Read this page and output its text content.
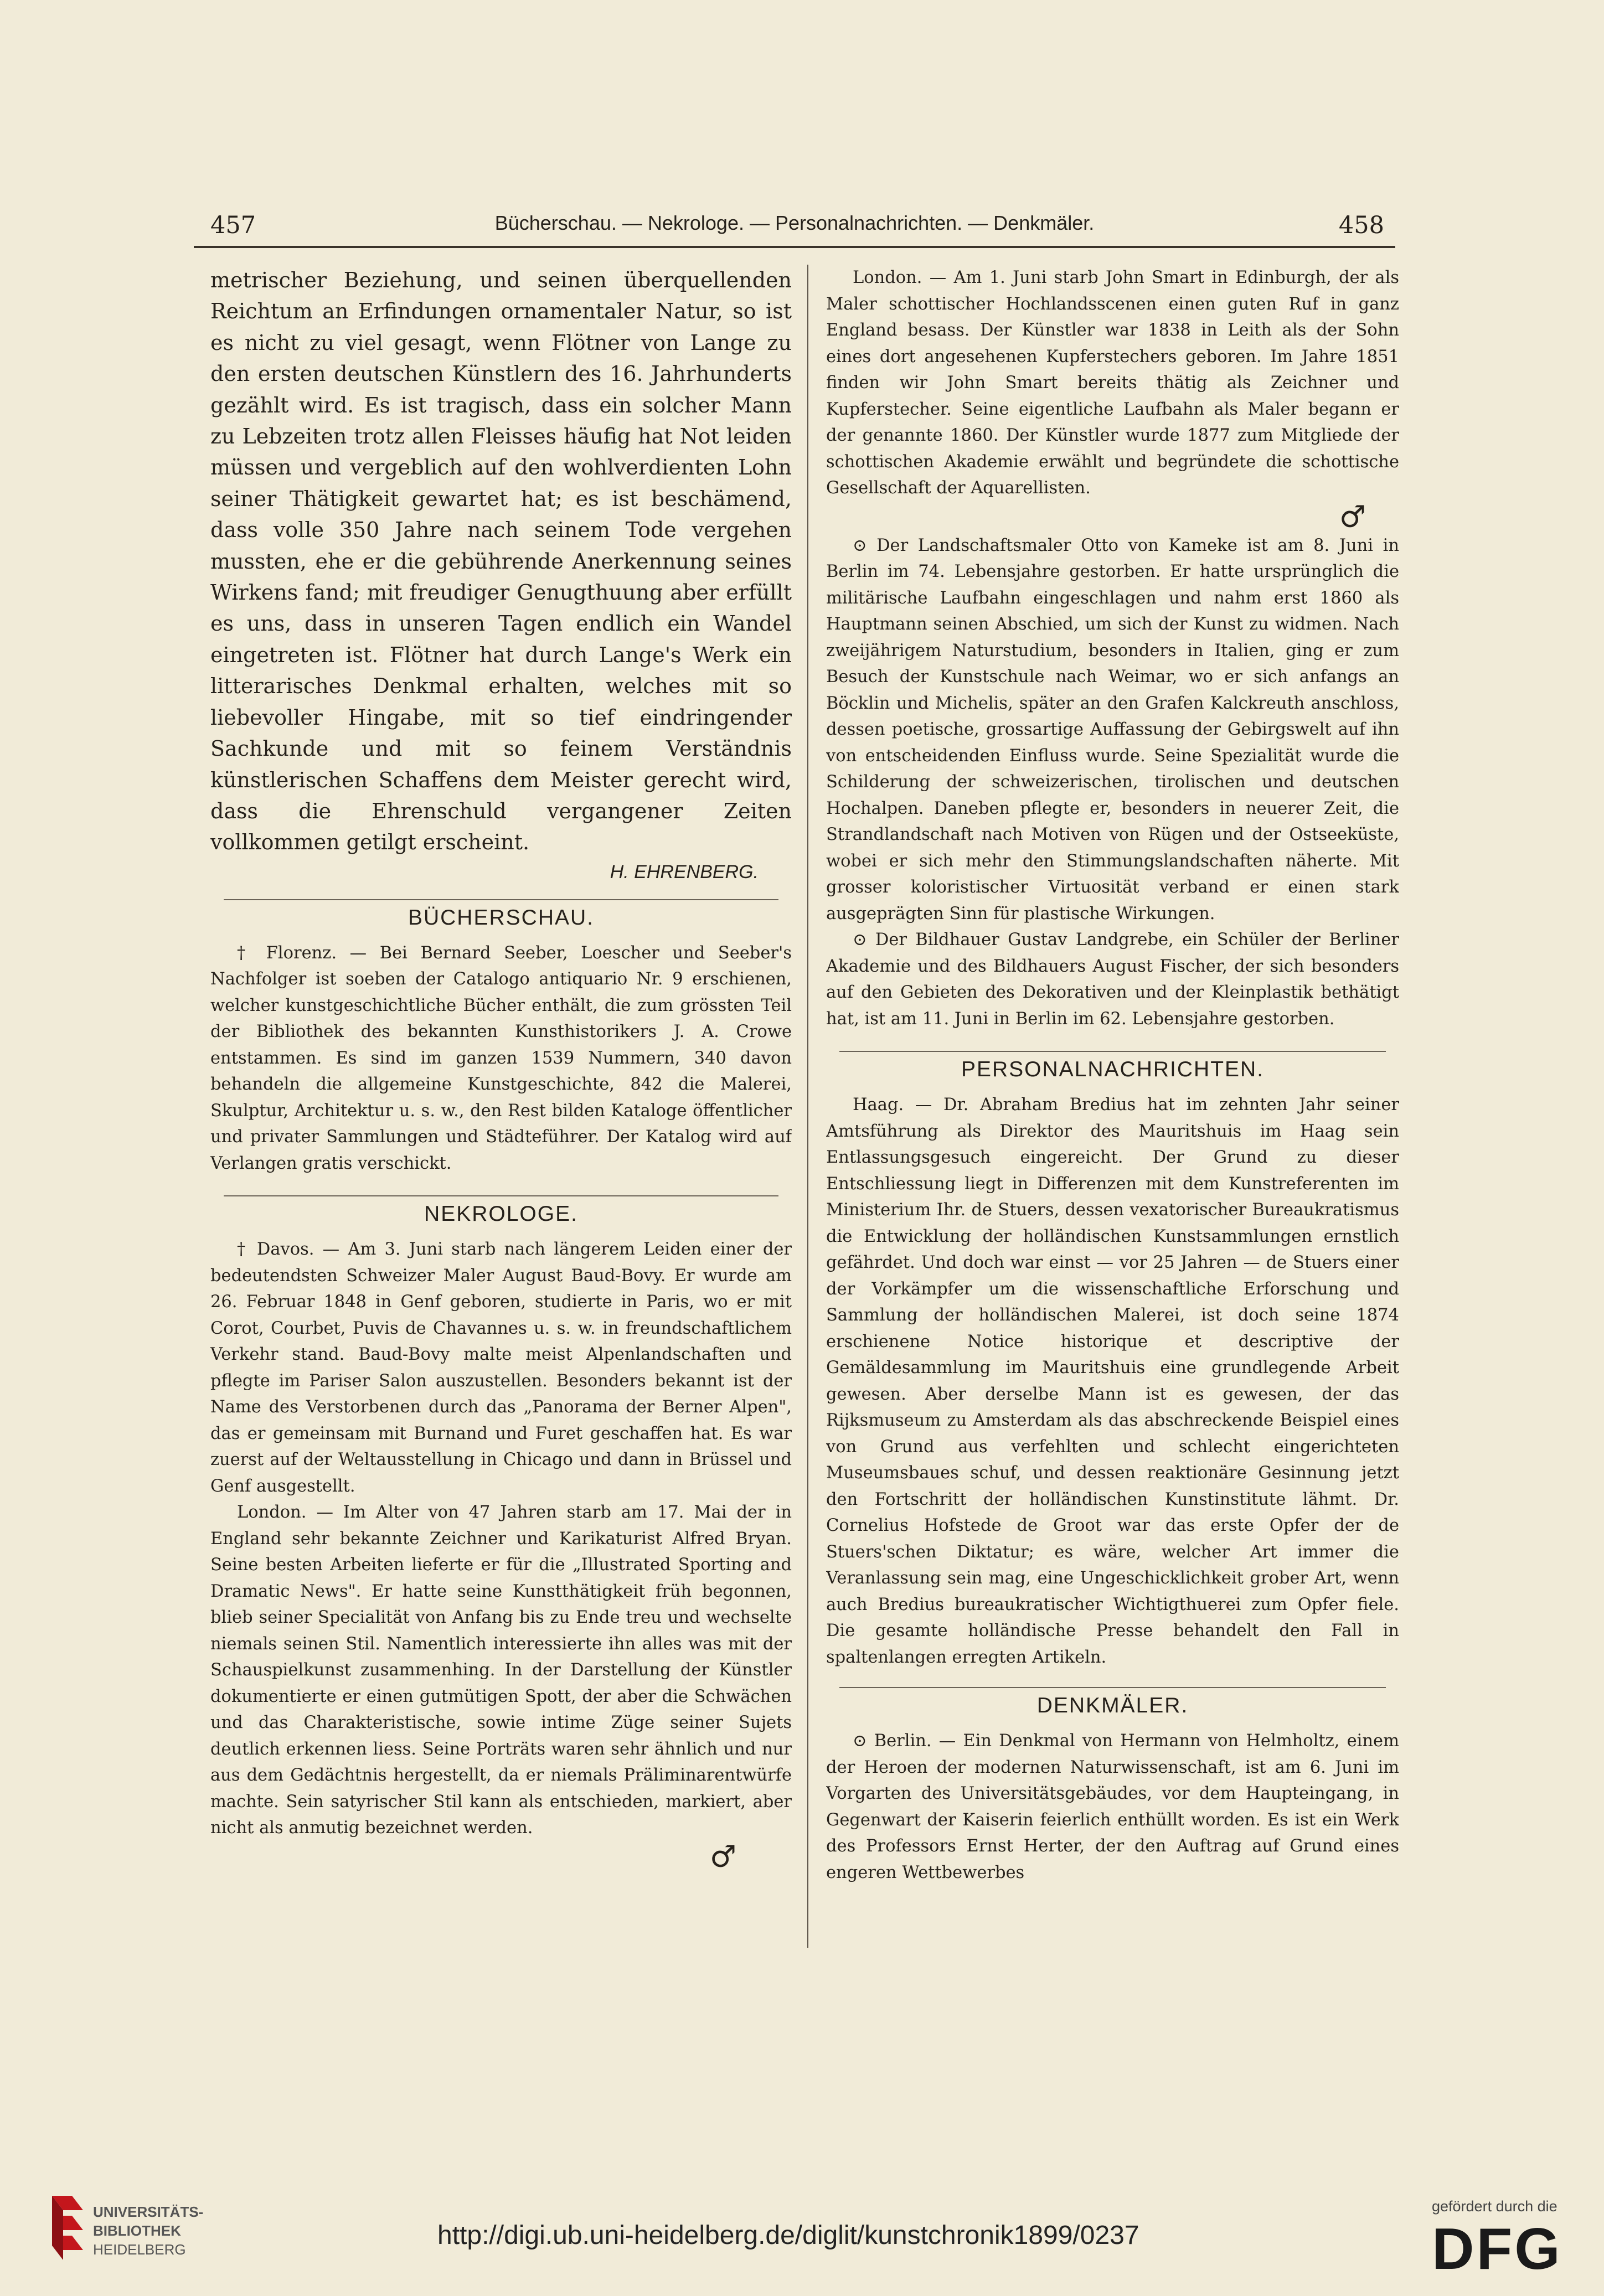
457	Bücherschau. — Nekrologe. — Personalnachrichten. — Denkmäler.	458

metrischer Beziehung, und seinen überquellenden Reichtum an Erfindungen ornamentaler Natur, so ist es nicht zu viel gesagt, wenn Flötner von Lange zu den ersten deutschen Künstlern des 16. Jahrhunderts gezählt wird. Es ist tragisch, dass ein solcher Mann zu Lebzeiten trotz allen Fleisses häufig hat Not leiden müssen und vergeblich auf den wohlverdienten Lohn seiner Thätigkeit gewartet hat; es ist beschämend, dass volle 350 Jahre nach seinem Tode vergehen mussten, ehe er die gebührende Anerkennung seines Wirkens fand; mit freudiger Genugthuung aber erfüllt es uns, dass in unseren Tagen endlich ein Wandel eingetreten ist. Flötner hat durch Lange's Werk ein litterarisches Denkmal erhalten, welches mit so liebevoller Hingabe, mit so tief eindringender Sachkunde und mit so feinem Verständnis künstlerischen Schaffens dem Meister gerecht wird, dass die Ehrenschuld vergangener Zeiten vollkommen getilgt erscheint.

H. EHRENBERG.
BÜCHERSCHAU.

† Florenz. — Bei Bernard Seeber, Loescher und Seeber's Nachfolger ist soeben der Catalogo antiquario Nr. 9 erschienen, welcher kunstgeschichtliche Bücher enthält, die zum grössten Teil der Bibliothek des bekannten Kunsthistorikers J. A. Crowe entstammen. Es sind im ganzen 1539 Nummern, 340 davon behandeln die allgemeine Kunstgeschichte, 842 die Malerei, Skulptur, Architektur u. s. w., den Rest bilden Kataloge öffentlicher und privater Sammlungen und Städteführer. Der Katalog wird auf Verlangen gratis verschickt.

NEKROLOGE.

† Davos. — Am 3. Juni starb nach längerem Leiden einer der bedeutendsten Schweizer Maler August Baud-Bovy. Er wurde am 26. Februar 1848 in Genf geboren, studierte in Paris, wo er mit Corot, Courbet, Puvis de Chavannes u. s. w. in freundschaftlichem Verkehr stand. Baud-Bovy malte meist Alpenlandschaften und pflegte im Pariser Salon auszustellen. Besonders bekannt ist der Name des Verstorbenen durch das „Panorama der Berner Alpen", das er gemeinsam mit Burnand und Furet geschaffen hat. Es war zuerst auf der Weltausstellung in Chicago und dann in Brüssel und Genf ausgestellt.

London. — Im Alter von 47 Jahren starb am 17. Mai der in England sehr bekannte Zeichner und Karikaturist Alfred Bryan. Seine besten Arbeiten lieferte er für die „Illustrated Sporting and Dramatic News". Er hatte seine Kunstthätigkeit früh begonnen, blieb seiner Specialität von Anfang bis zu Ende treu und wechselte niemals seinen Stil. Namentlich interessierte ihn alles was mit der Schauspielkunst zusammenhing. In der Darstellung der Künstler dokumentierte er einen gutmütigen Spott, der aber die Schwächen und das Charakteristische, sowie intime Züge seiner Sujets deutlich erkennen liess. Seine Porträts waren sehr ähnlich und nur aus dem Gedächtnis hergestellt, da er niemals Präliminarentwürfe machte. Sein satyrischer Stil kann als entschieden, markiert, aber nicht als anmutig bezeichnet werden.

♂

London. — Am 1. Juni starb John Smart in Edinburgh, der als Maler schottischer Hochlandsscenen einen guten Ruf in ganz England besass. Der Künstler war 1838 in Leith als der Sohn eines dort angesehenen Kupferstechers geboren. Im Jahre 1851 finden wir John Smart bereits thätig als Zeichner und Kupferstecher. Seine eigentliche Laufbahn als Maler begann er der genannte 1860. Der Künstler wurde 1877 zum Mitgliede der schottischen Akademie erwählt und begründete die schottische Gesellschaft der Aquarellisten.

♂

⊙ Der Landschaftsmaler Otto von Kameke ist am 8. Juni in Berlin im 74. Lebensjahre gestorben. Er hatte ursprünglich die militärische Laufbahn eingeschlagen und nahm erst 1860 als Hauptmann seinen Abschied, um sich der Kunst zu widmen. Nach zweijährigem Naturstudium, besonders in Italien, ging er zum Besuch der Kunstschule nach Weimar, wo er sich anfangs an Böcklin und Michelis, später an den Grafen Kalckreuth anschloss, dessen poetische, grossartige Auffassung der Gebirgswelt auf ihn von entscheidenden Einfluss wurde. Seine Spezialität wurde die Schilderung der schweizerischen, tirolischen und deutschen Hochalpen. Daneben pflegte er, besonders in neuerer Zeit, die Strandlandschaft nach Motiven von Rügen und der Ostseeküste, wobei er sich mehr den Stimmungslandschaften näherte. Mit grosser koloristischer Virtuosität verband er einen stark ausgeprägten Sinn für plastische Wirkungen.

⊙ Der Bildhauer Gustav Landgrebe, ein Schüler der Berliner Akademie und des Bildhauers August Fischer, der sich besonders auf den Gebieten des Dekorativen und der Kleinplastik bethätigt hat, ist am 11. Juni in Berlin im 62. Lebensjahre gestorben.

PERSONALNACHRICHTEN.

Haag. — Dr. Abraham Bredius hat im zehnten Jahr seiner Amtsführung als Direktor des Mauritshuis im Haag sein Entlassungsgesuch eingereicht. Der Grund zu dieser Entschliessung liegt in Differenzen mit dem Kunstreferenten im Ministerium Ihr. de Stuers, dessen vexatorischer Bureaukratismus die Entwicklung der holländischen Kunstsammlungen ernstlich gefährdet. Und doch war einst — vor 25 Jahren — de Stuers einer der Vorkämpfer um die wissenschaftliche Erforschung und Sammlung der holländischen Malerei, ist doch seine 1874 erschienene Notice historique et descriptive der Gemäldesammlung im Mauritshuis eine grundlegende Arbeit gewesen. Aber derselbe Mann ist es gewesen, der das Rijksmuseum zu Amsterdam als das abschreckende Beispiel eines von Grund aus verfehlten und schlecht eingerichteten Museumsbaues schuf, und dessen reaktionäre Gesinnung jetzt den Fortschritt der holländischen Kunstinstitute lähmt. Dr. Cornelius Hofstede de Groot war das erste Opfer der de Stuers'schen Diktatur; es wäre, welcher Art immer die Veranlassung sein mag, eine Ungeschicklichkeit grober Art, wenn auch Bredius bureaukratischer Wichtigthuerei zum Opfer fiele. Die gesamte holländische Presse behandelt den Fall in spaltenlangen erregten Artikeln.

DENKMÄLER.

⊙ Berlin. — Ein Denkmal von Hermann von Helmholtz, einem der Heroen der modernen Naturwissenschaft, ist am 6. Juni im Vorgarten des Universitätsgebäudes, vor dem Haupteingang, in Gegenwart der Kaiserin feierlich enthüllt worden. Es ist ein Werk des Professors Ernst Herter, der den Auftrag auf Grund eines engeren Wettbewerbes

UNIVERSITÄTS-
BIBLIOTHEK
HEIDELBERG	http://digi.ub.uni-heidelberg.de/diglit/kunstchronik1899/0237
gefördert durch die
DFG
